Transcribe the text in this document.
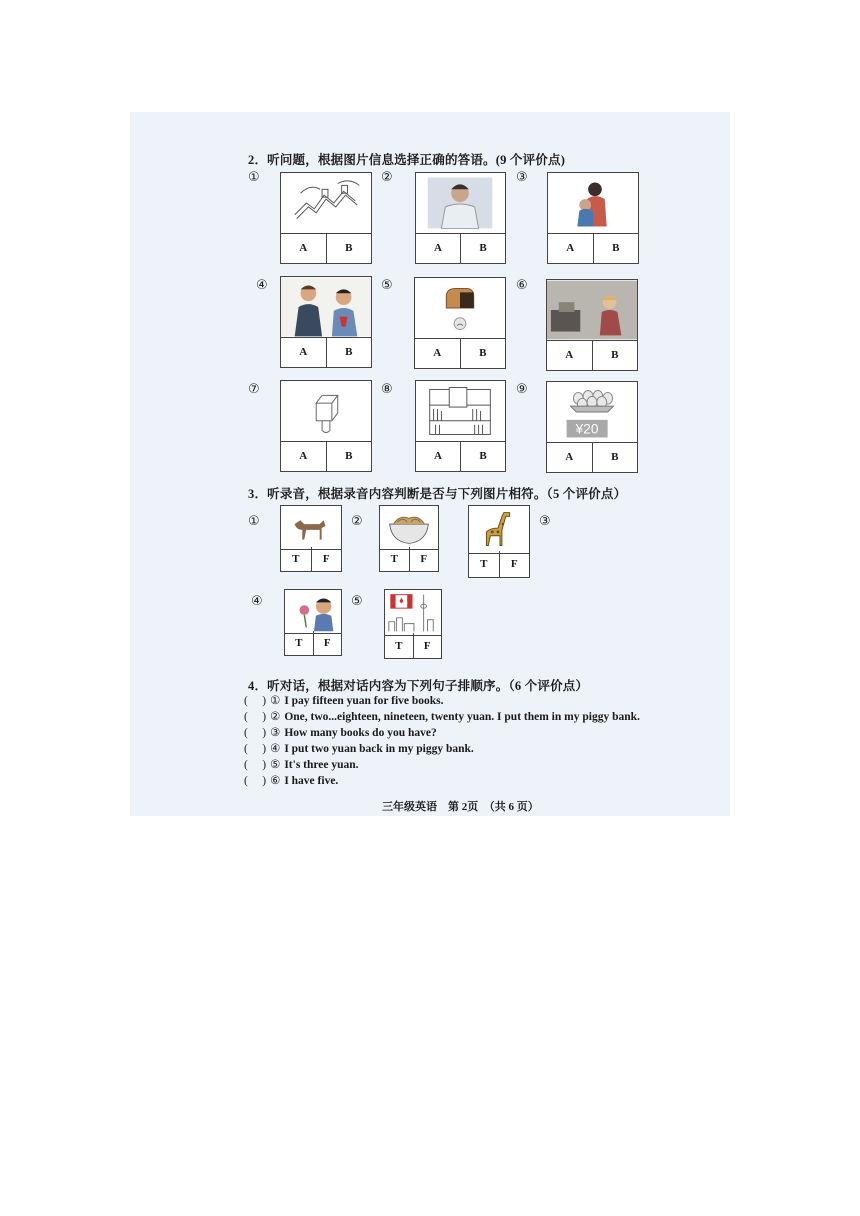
2．听问题，根据图片信息选择正确的答语。(9 个评价点)
①
A	B
②
A	B
③
A	B
④
A	B
⑤
A	B
⑥
A	B
⑦
A	B
⑧
A	B
⑨
¥20
A	B
3．听录音，根据录音内容判断是否与下列图片相符。（5 个评价点）
①
T	F
②
T	F	T	F
③
④
T	F
⑤
T	F
4．听对话，根据对话内容为下列句子排顺序。（6 个评价点）
(　 ) ① I pay fifteen yuan for five books.
(　 ) ② One, two...eighteen, nineteen, twenty yuan. I put them in my piggy bank.
(　 ) ③ How many books do you have?
(　 ) ④ I put two yuan back in my piggy bank.
(　 ) ⑤ It's three yuan.
(　 ) ⑥ I have five.
三年级英语　第 2页　（共 6 页）
